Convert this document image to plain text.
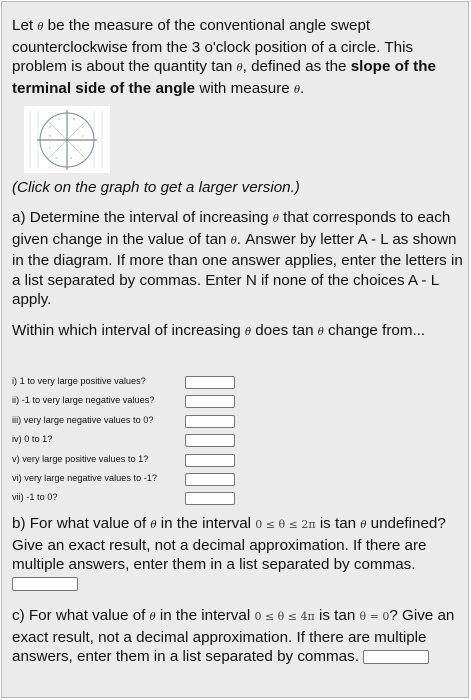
Let θ be the measure of the conventional angle swept counterclockwise from the 3 o'clock position of a circle. This problem is about the quantity tan θ, defined as the slope of the terminal side of the angle with measure θ.
A
B
C
D
E
F
G	H
I
J
(Click on the graph to get a larger version.)
a) Determine the interval of increasing θ that corresponds to each given change in the value of tan θ. Answer by letter A - L as shown in the diagram. If more than one answer applies, enter the letters in a list separated by commas. Enter N if none of the choices A - L apply.
Within which interval of increasing θ does tan θ change from...
i) 1 to very large positive values?
ii) -1 to very large negative values?
iii) very large negative values to 0?
iv) 0 to 1?
v) very large positive values to 1?
vi) very large negative values to -1?
vii) -1 to 0?
b) For what value of θ in the interval 0 ≤ θ ≤ 2π is tan θ undefined? Give an exact result, not a decimal approximation. If there are multiple answers, enter them in a list separated by commas.
c) For what value of θ in the interval 0 ≤ θ ≤ 4π is tan θ = 0? Give an exact result, not a decimal approximation. If there are multiple answers, enter them in a list separated by commas.
